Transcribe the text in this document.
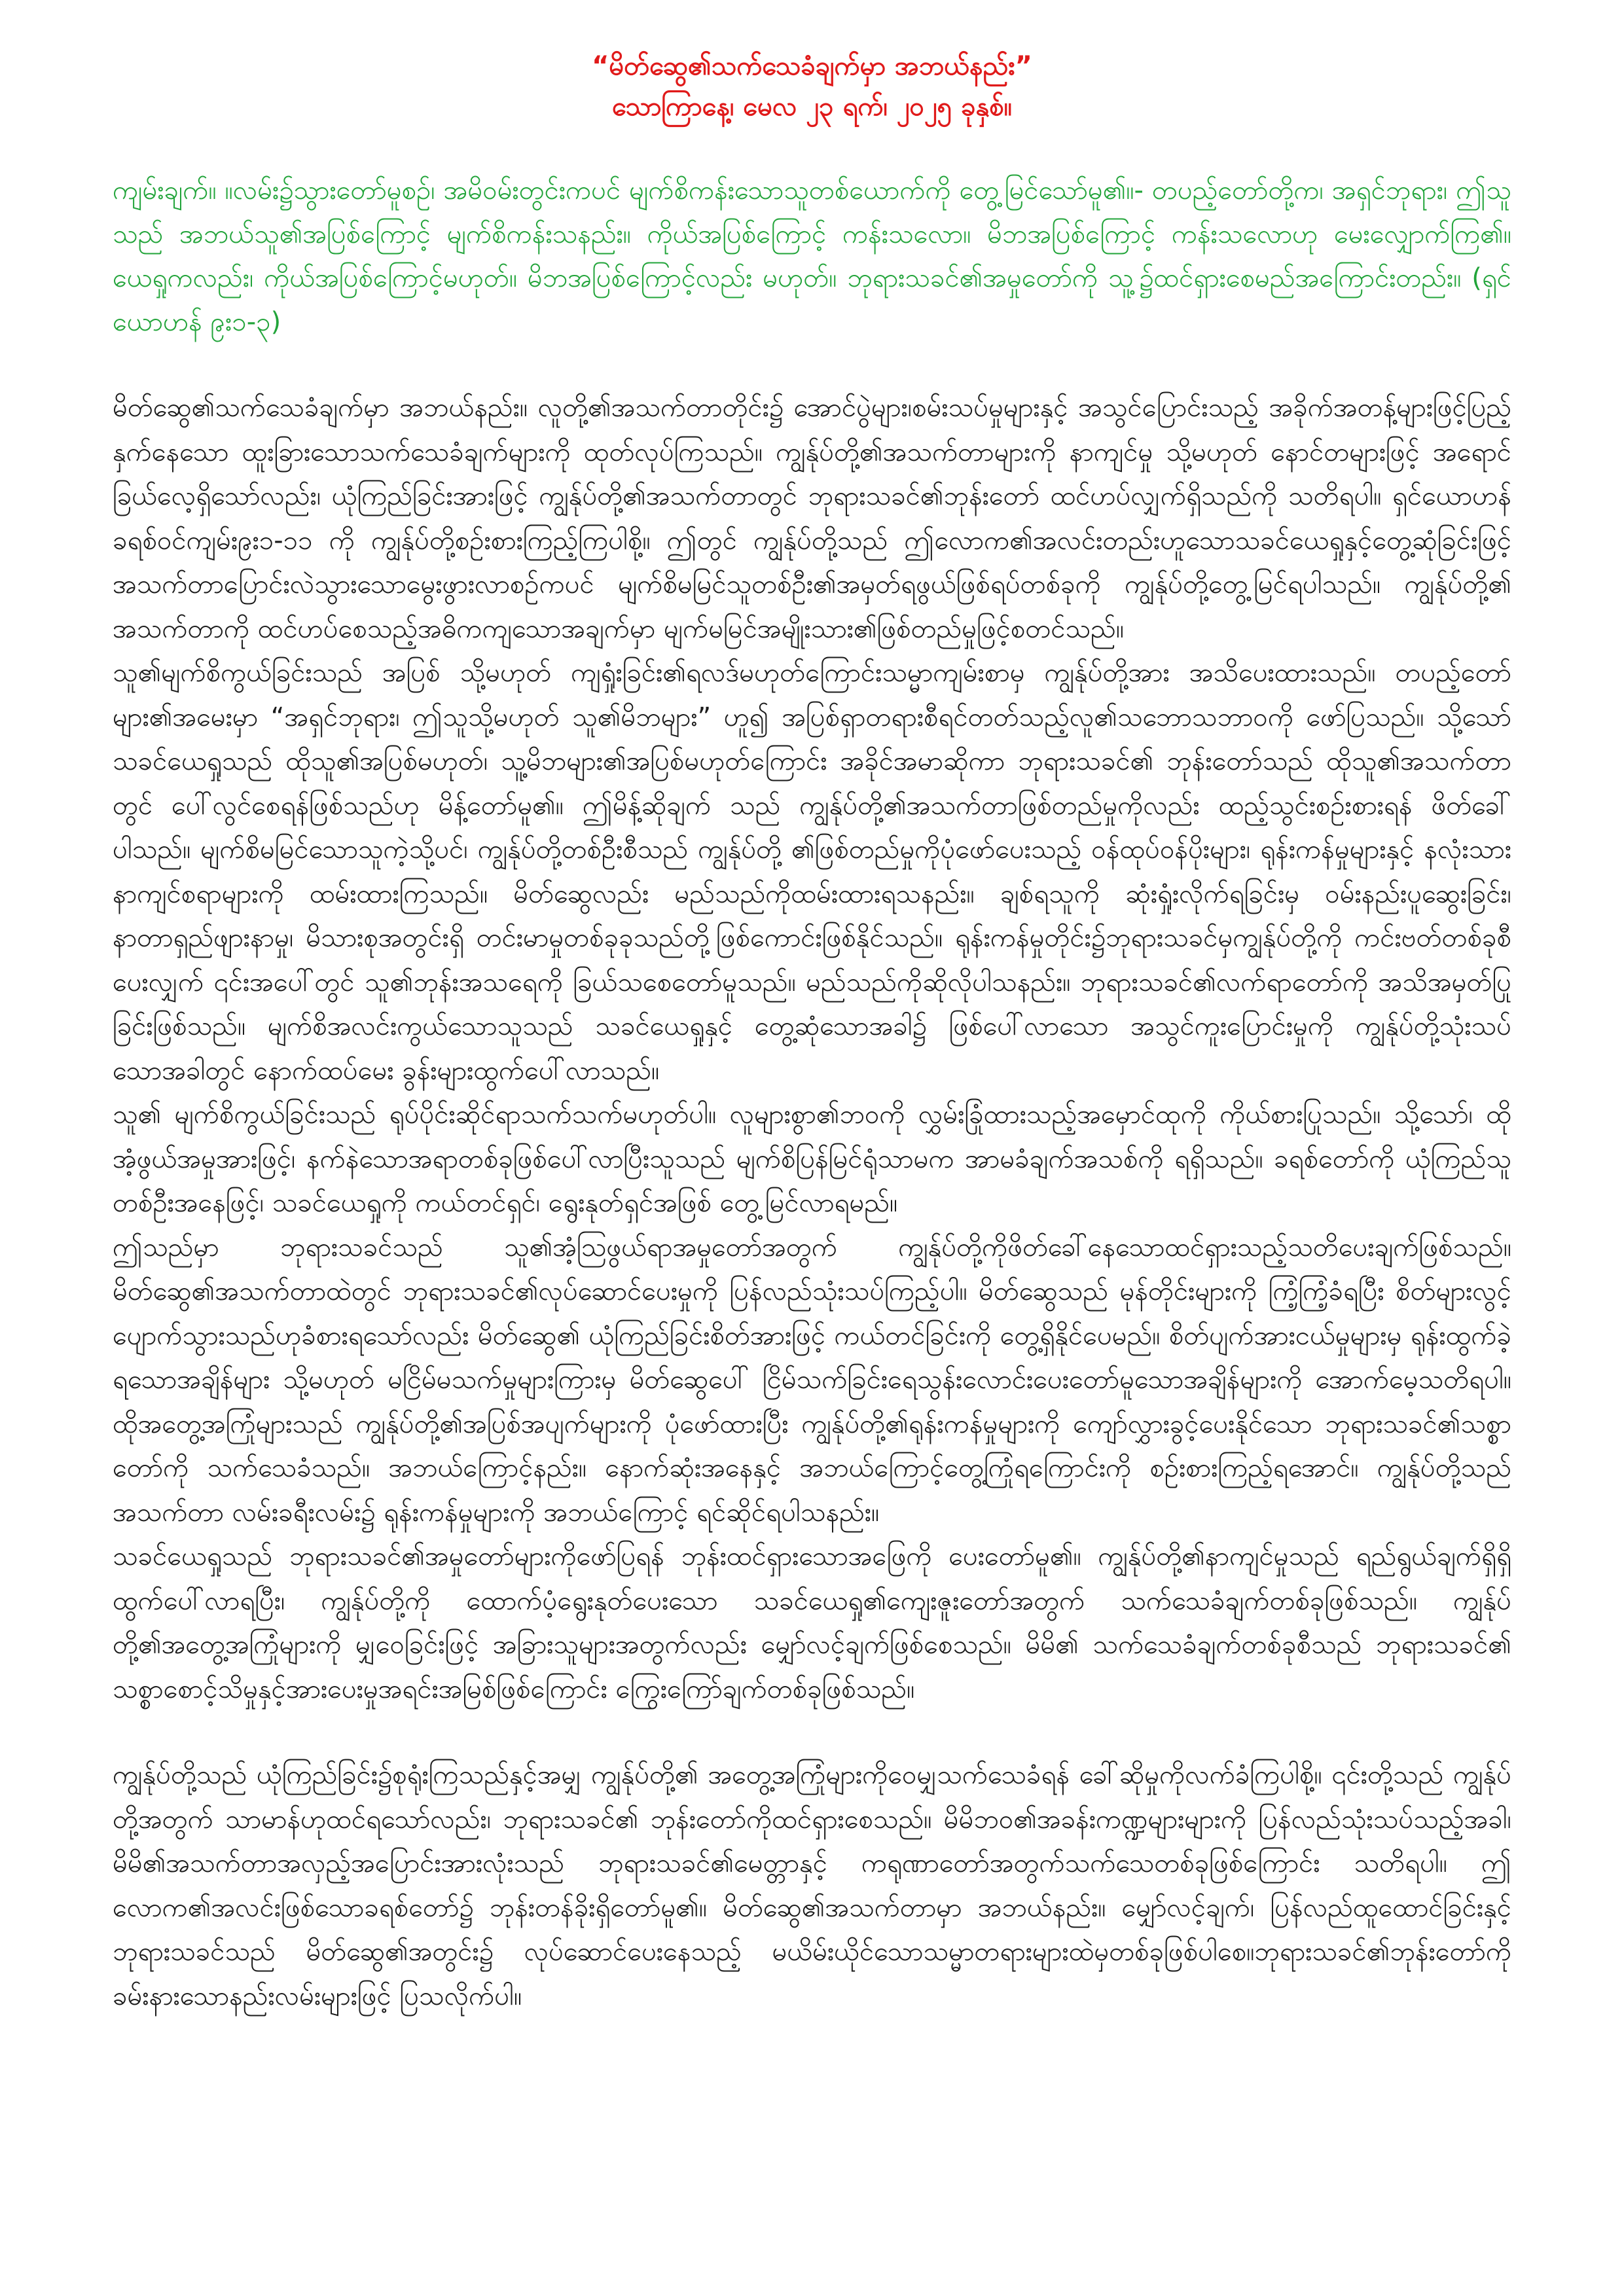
“မိတ်ဆွေ၏သက်သေခံချက်မှာ အဘယ်နည်း”

သောကြာနေ့၊ မေလ ၂၃ ရက်၊ ၂၀၂၅ ခုနှစ်။

ကျမ်းချက်။ ။လမ်း၌သွားတော်မူစဉ်၊ အမိဝမ်းတွင်းကပင် မျက်စိကန်းသောသူတစ်ယောက်ကို တွေ့မြင်သော်မူ၏။- တပည့်တော်တို့က၊ အရှင်ဘုရား၊ ဤသူသည် အဘယ်သူ၏အပြစ်ကြောင့် မျက်စိကန်းသနည်း။ ကိုယ်အပြစ်ကြောင့် ကန်းသလော။ မိဘအပြစ်ကြောင့် ကန်းသလောဟု မေးလျှောက်ကြ၏။ ယေရှုကလည်း၊ ကိုယ်အပြစ်ကြောင့်မဟုတ်။ မိဘအပြစ်ကြောင့်လည်း မဟုတ်။ ဘုရားသခင်၏အမှုတော်ကို သူ့၌ထင်ရှားစေမည်အကြောင်းတည်း။ (ရှင်ယောဟန် ၉း၁-၃)

မိတ်ဆွေ၏သက်သေခံချက်မှာ အဘယ်နည်း။ လူတို့၏အသက်တာတိုင်း၌ အောင်ပွဲများ၊စမ်းသပ်မှုများနှင့် အသွင်ပြောင်းသည့် အခိုက်အတန့်များဖြင့်ပြည့်နှက်နေသော ထူးခြားသောသက်သေခံချက်များကို ထုတ်လုပ်ကြသည်။ ကျွန်ုပ်တို့၏အသက်တာများကို နာကျင်မှု သို့မဟုတ် နောင်တများဖြင့် အရောင်ခြယ်လေ့ရှိသော်လည်း၊ ယုံကြည်ခြင်းအားဖြင့် ကျွန်ုပ်တို့၏အသက်တာတွင် ဘုရားသခင်၏ဘုန်းတော် ထင်ဟပ်လျှက်ရှိသည်ကို သတိရပါ။ ရှင်ယောဟန်ခရစ်ဝင်ကျမ်း၉း၁-၁၁ ကို ကျွန်ုပ်တို့စဉ်းစားကြည့်ကြပါစို့။ ဤတွင် ကျွန်ုပ်တို့သည် ဤလောက၏အလင်းတည်းဟူသောသခင်ယေရှုနှင့်တွေ့ဆုံခြင်းဖြင့် အသက်တာပြောင်းလဲသွားသောမွေးဖွားလာစဉ်ကပင် မျက်စိမမြင်သူတစ်ဦး၏အမှတ်ရဖွယ်ဖြစ်ရပ်တစ်ခုကို ကျွန်ုပ်တို့တွေ့မြင်ရပါသည်။ ကျွန်ုပ်တို့၏ အသက်တာကို ထင်ဟပ်စေသည့်အဓိကကျသောအချက်မှာ မျက်မမြင်အမျိုးသား၏ဖြစ်တည်မှုဖြင့်စတင်သည်။

သူ၏မျက်စိကွယ်ခြင်းသည် အပြစ် သို့မဟုတ် ကျရှုံးခြင်း၏ရလဒ်မဟုတ်ကြောင်းသမ္မာကျမ်းစာမှ ကျွန်ုပ်တို့အား အသိပေးထားသည်။ တပည့်တော်များ၏အမေးမှာ “အရှင်ဘုရား၊ ဤသူသို့မဟုတ် သူ၏မိဘများ” ဟူ၍ အပြစ်ရှာတရားစီရင်တတ်သည့်လူ၏သဘောသဘာဝကို ဖော်ပြသည်။ သို့သော် သခင်ယေရှုသည် ထိုသူ၏အပြစ်မဟုတ်၊ သူ့မိဘများ၏အပြစ်မဟုတ်ကြောင်း အခိုင်အမာဆိုကာ ဘုရားသခင်၏ ဘုန်းတော်သည် ထိုသူ၏အသက်တာတွင် ပေါ်လွင်စေရန်ဖြစ်သည်ဟု မိန့်တော်မူ၏။ ဤမိန့်ဆိုချက် သည် ကျွန်ုပ်တို့၏အသက်တာဖြစ်တည်မှုကိုလည်း ထည့်သွင်းစဉ်းစားရန် ဖိတ်ခေါ်ပါသည်။ မျက်စိမမြင်သောသူကဲ့သို့ပင်၊ ကျွန်ုပ်တို့တစ်ဦးစီသည် ကျွန်ုပ်တို့ ၏ဖြစ်တည်မှုကိုပုံဖော်ပေးသည့် ဝန်ထုပ်ဝန်ပိုးများ၊ ရုန်းကန်မှုများနှင့် နလုံးသားနာကျင်စရာများကို ထမ်းထားကြသည်။ မိတ်ဆွေလည်း မည်သည်ကိုထမ်းထားရသနည်း။ ချစ်ရသူကို ဆုံးရှုံးလိုက်ရခြင်းမှ ဝမ်းနည်းပူဆွေးခြင်း၊ နာတာရှည်ဖျားနာမှု၊ မိသားစုအတွင်းရှိ တင်းမာမှုတစ်ခုခုသည်တို့ဖြစ်ကောင်းဖြစ်နိုင်သည်။ ရုန်းကန်မှုတိုင်း၌ဘုရားသခင်မှကျွန်ုပ်တို့ကို ကင်းဗတ်တစ်ခုစီပေးလျှက် ၎င်းအပေါ်တွင် သူ၏ဘုန်းအသရေကို ခြယ်သစေတော်မူသည်။ မည်သည်ကိုဆိုလိုပါသနည်း။ ဘုရားသခင်၏လက်ရာတော်ကို အသိအမှတ်ပြုခြင်းဖြစ်သည်။ မျက်စိအလင်းကွယ်သောသူသည် သခင်ယေရှုနှင့် တွေ့ဆုံသောအခါ၌ ဖြစ်ပေါ်လာသော အသွင်ကူးပြောင်းမှုကို ကျွန်ုပ်တို့သုံးသပ်သောအခါတွင် နောက်ထပ်မေး ခွန်းများထွက်ပေါ်လာသည်။

သူ၏ မျက်စိကွယ်ခြင်းသည် ရုပ်ပိုင်းဆိုင်ရာသက်သက်မဟုတ်ပါ။ လူများစွာ၏ဘဝကို လွှမ်းခြုံထားသည့်အမှောင်ထုကို ကိုယ်စားပြုသည်။ သို့သော်၊ ထိုအံ့ဖွယ်အမှုအားဖြင့်၊ နက်နဲသောအရာတစ်ခုဖြစ်ပေါ်လာပြီးသူသည် မျက်စိပြန်မြင်ရုံသာမက အာမခံချက်အသစ်ကို ရရှိသည်။ ခရစ်တော်ကို ယုံကြည်သူတစ်ဦးအနေဖြင့်၊ သခင်ယေရှုကို ကယ်တင်ရှင်၊ ရွေးနုတ်ရှင်အဖြစ် တွေ့မြင်လာရမည်။

ဤသည်မှာ ဘုရားသခင်သည် သူ၏အံ့သြဖွယ်ရာအမှုတော်အတွက် ကျွန်ုပ်တို့ကိုဖိတ်ခေါ်နေသောထင်ရှားသည့်သတိပေးချက်ဖြစ်သည်။ မိတ်ဆွေ၏အသက်တာထဲတွင် ဘုရားသခင်၏လုပ်ဆောင်ပေးမှုကို ပြန်လည်သုံးသပ်ကြည့်ပါ။ မိတ်ဆွေသည် မုန်တိုင်းများကို ကြံ့ကြံ့ခံရပြီး စိတ်များလွင့်ပျောက်သွားသည်ဟုခံစားရသော်လည်း မိတ်ဆွေ၏ ယုံကြည်ခြင်းစိတ်အားဖြင့် ကယ်တင်ခြင်းကို တွေ့ရှိနိုင်ပေမည်။ စိတ်ပျက်အားငယ်မှုများမှ ရုန်းထွက်ခဲ့ရသောအချိန်များ သို့မဟုတ် မငြိမ်မသက်မှုများကြားမှ မိတ်ဆွေပေါ် ငြိမ်သက်ခြင်းရေသွန်းလောင်းပေးတော်မူသောအချိန်များကို အောက်မေ့သတိရပါ။ ထိုအတွေ့အကြုံများသည် ကျွန်ုပ်တို့၏အပြစ်အပျက်များကို ပုံဖော်ထားပြီး ကျွန်ုပ်တို့၏ရုန်းကန်မှုများကို ကျော်လွှားခွင့်ပေးနိုင်သော ဘုရားသခင်၏သစ္စာတော်ကို သက်သေခံသည်။ အဘယ်ကြောင့်နည်း။ နောက်ဆုံးအနေနှင့် အဘယ်ကြောင့်တွေ့ကြုံရကြောင်းကို စဉ်းစားကြည့်ရအောင်။ ကျွန်ုပ်တို့သည် အသက်တာ လမ်းခရီးလမ်း၌ ရုန်းကန်မှုများကို အဘယ်ကြောင့် ရင်ဆိုင်ရပါသနည်း။

သခင်ယေရှုသည် ဘုရားသခင်၏အမှုတော်များကိုဖော်ပြရန် ဘုန်းထင်ရှားသောအဖြေကို ပေးတော်မူ၏။ ကျွန်ုပ်တို့၏နာကျင်မှုသည် ရည်ရွယ်ချက်ရှိရှိ ထွက်ပေါ်လာရပြီး၊ ကျွန်ုပ်တို့ကို ထောက်ပံ့ရွေးနုတ်ပေးသော သခင်ယေရှု၏ကျေးဇူးတော်အတွက် သက်သေခံချက်တစ်ခုဖြစ်သည်။ ကျွန်ုပ်တို့၏အတွေ့အကြုံများကို မျှဝေခြင်းဖြင့် အခြားသူများအတွက်လည်း မျှော်လင့်ချက်ဖြစ်စေသည်။ မိမိ၏ သက်သေခံချက်တစ်ခုစီသည် ဘုရားသခင်၏ သစ္စာစောင့်သိမှုနှင့်အားပေးမှုအရင်းအမြစ်ဖြစ်ကြောင်း ကြွေးကြော်ချက်တစ်ခုဖြစ်သည်။

ကျွန်ုပ်တို့သည် ယုံကြည်ခြင်း၌စုရုံးကြသည်နှင့်အမျှ ကျွန်ုပ်တို့၏ အတွေ့အကြုံများကိုဝေမျှသက်သေခံရန် ခေါ်ဆိုမှုကိုလက်ခံကြပါစို့။ ၎င်းတို့သည် ကျွန်ုပ်တို့အတွက် သာမာန်ဟုထင်ရသော်လည်း၊ ဘုရားသခင်၏ ဘုန်းတော်ကိုထင်ရှားစေသည်။ မိမိဘဝ၏အခန်းကဏ္ဍများများကို ပြန်လည်သုံးသပ်သည့်အခါ၊ မိမိ၏အသက်တာအလှည့်အပြောင်းအားလုံးသည် ဘုရားသခင်၏မေတ္တာနှင့် ကရုဏာတော်အတွက်သက်သေတစ်ခုဖြစ်ကြောင်း သတိရပါ။ ဤလောက၏အလင်းဖြစ်သောခရစ်တော်၌ ဘုန်းတန်ခိုးရှိတော်မူ၏။ မိတ်ဆွေ၏အသက်တာမှာ အဘယ်နည်း။ မျှော်လင့်ချက်၊ ပြန်လည်ထူထောင်ခြင်းနှင့် ဘုရားသခင်သည် မိတ်ဆွေ၏အတွင်း၌ လုပ်ဆောင်ပေးနေသည့် မယိမ်းယိုင်သောသမ္မာတရားများထဲမှတစ်ခုဖြစ်ပါစေ။ဘုရားသခင်၏ဘုန်းတော်ကို ခမ်းနားသောနည်းလမ်းများဖြင့် ပြသလိုက်ပါ။
